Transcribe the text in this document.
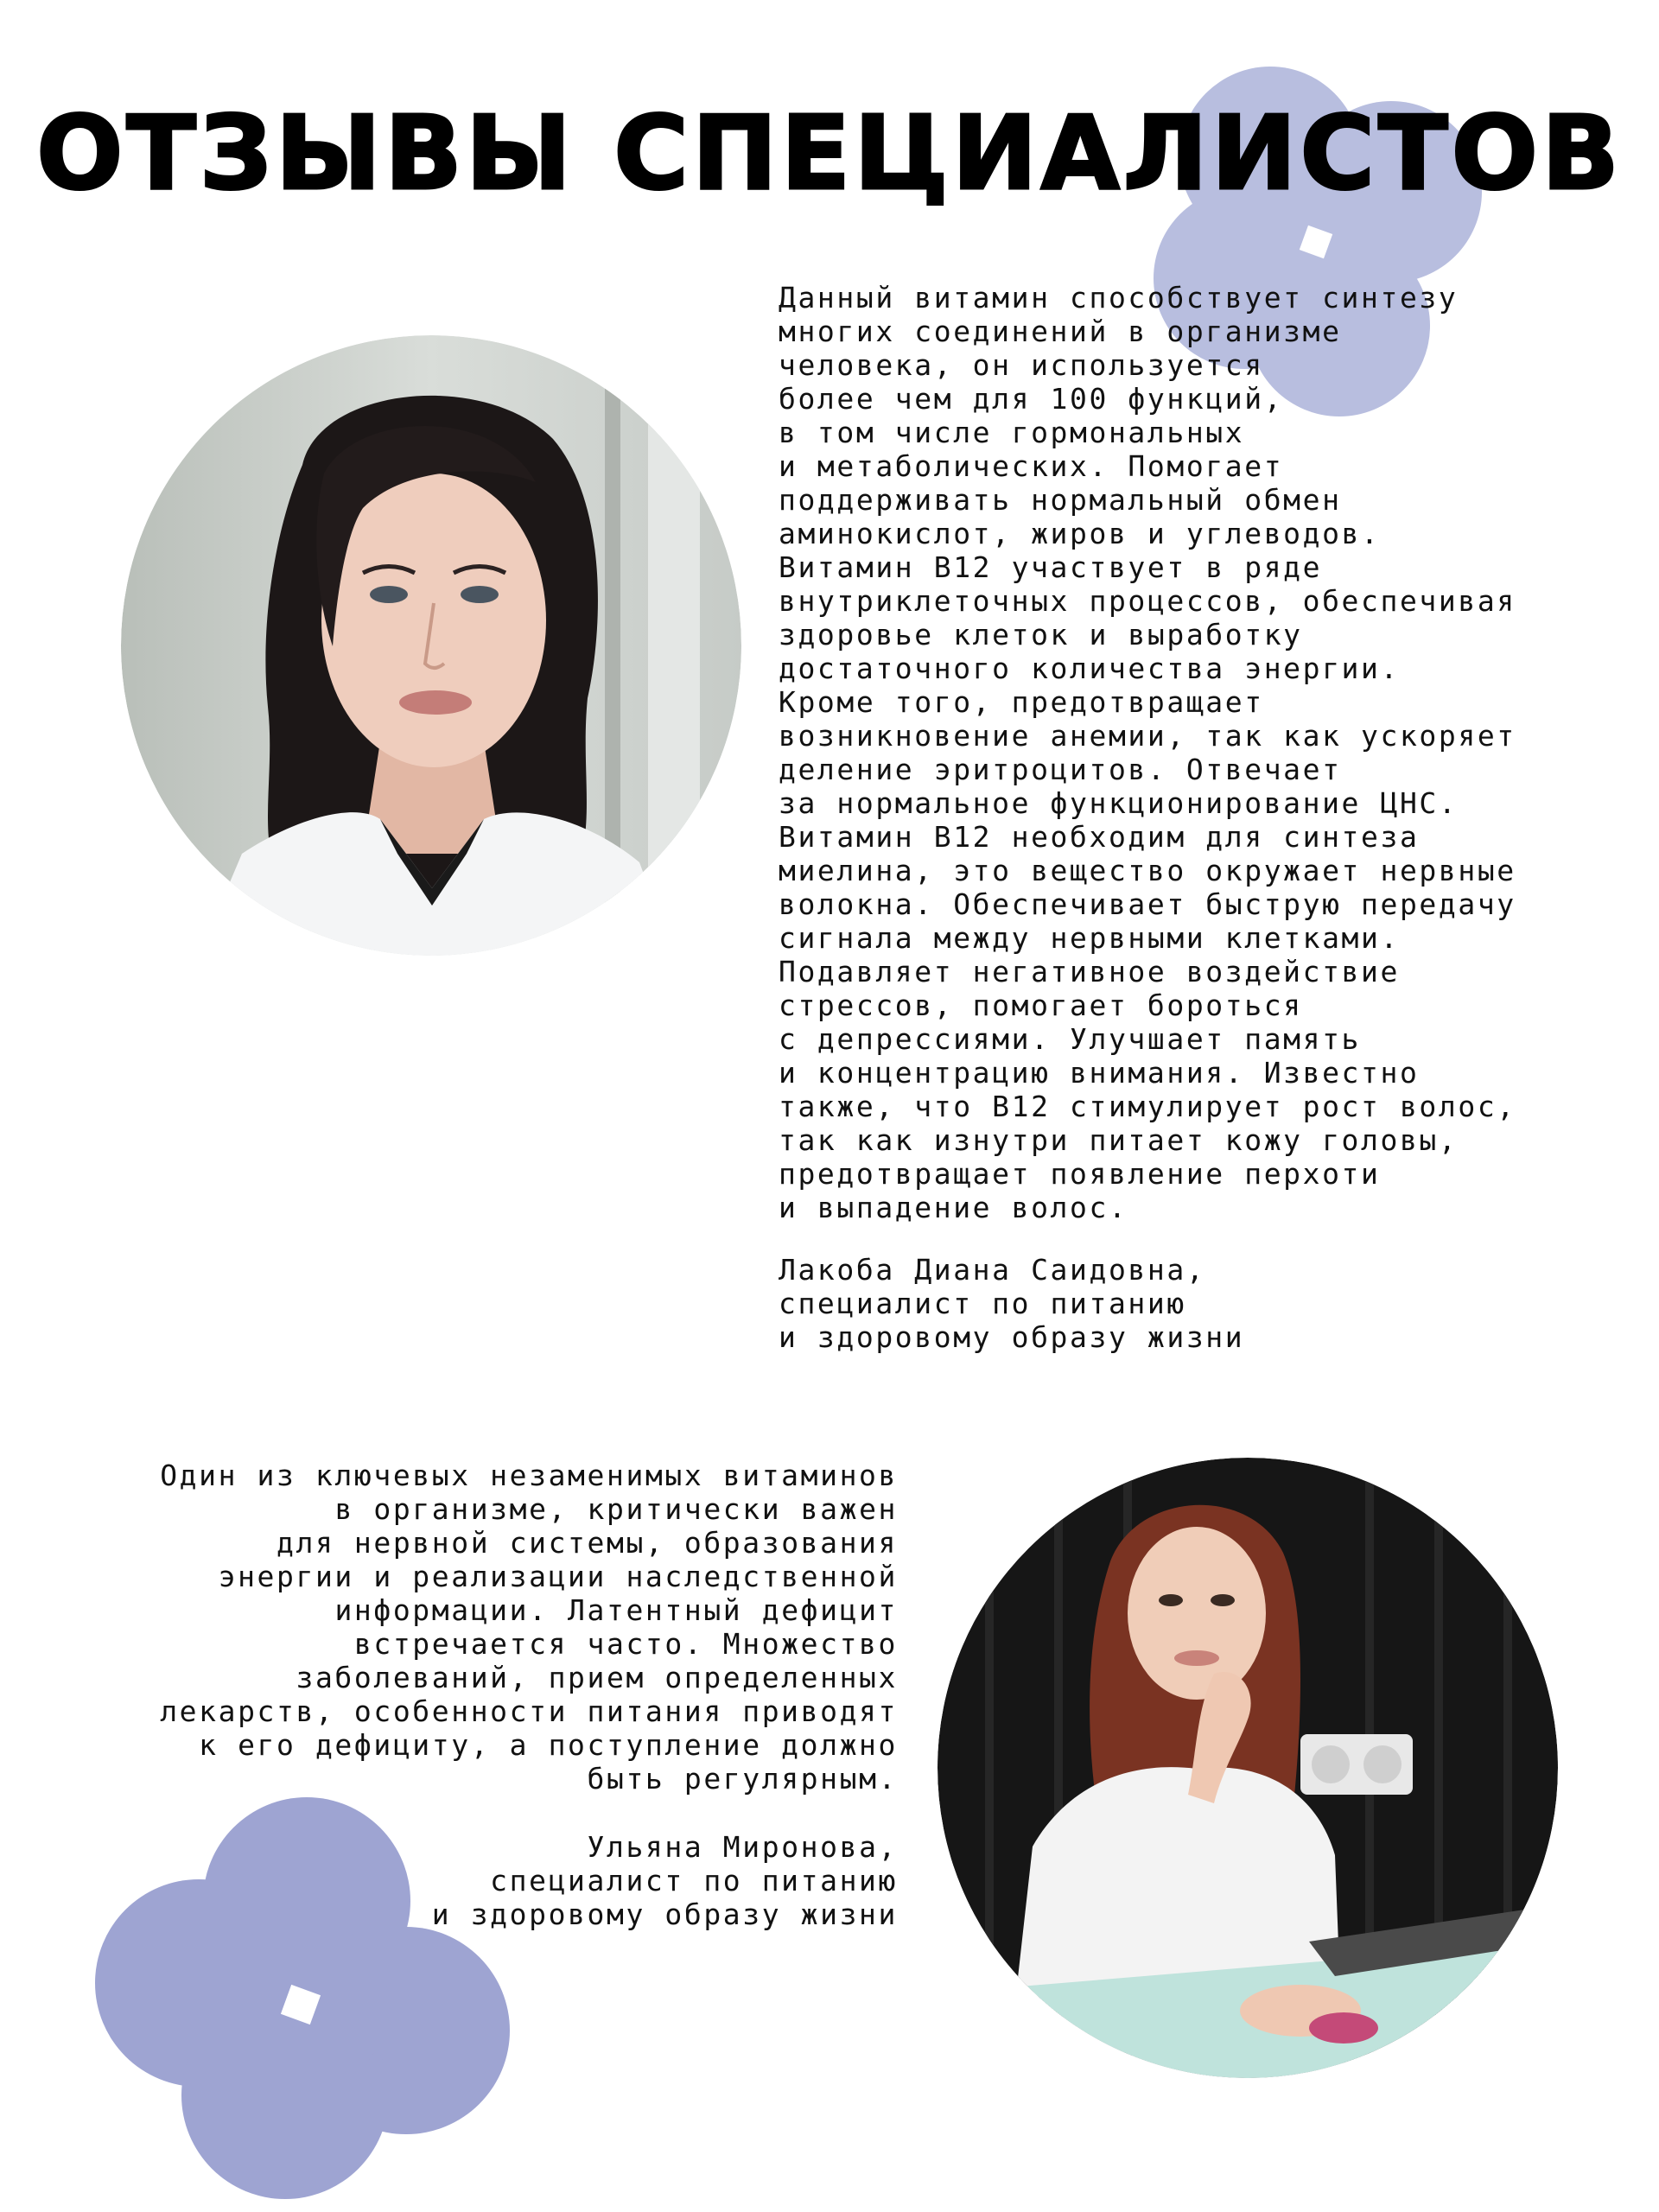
ОТЗЫВЫ СПЕЦИАЛИСТОВ

Данный витамин способствует синтезу
многих соединений в организме
человека, он используется
более чем для 100 функций,
в том числе гормональных
и метаболических. Помогает
поддерживать нормальный обмен
аминокислот, жиров и углеводов.
Витамин B12 участвует в ряде
внутриклеточных процессов, обеспечивая
здоровье клеток и выработку
достаточного количества энергии.
Кроме того, предотвращает
возникновение анемии, так как ускоряет
деление эритроцитов. Отвечает
за нормальное функционирование ЦНС.
Витамин B12 необходим для синтеза
миелина, это вещество окружает нервные
волокна. Обеспечивает быструю передачу
сигнала между нервными клетками.
Подавляет негативное воздействие
стрессов, помогает бороться
с депрессиями. Улучшает память
и концентрацию внимания. Известно
также, что B12 стимулирует рост волос,
так как изнутри питает кожу головы,
предотвращает появление перхоти
и выпадение волос.

Лакоба Диана Саидовна,
специалист по питанию
и здоровому образу жизни

Один из ключевых незаменимых витаминов
в организме, критически важен
для нервной системы, образования
энергии и реализации наследственной
информации. Латентный дефицит
встречается часто. Множество
заболеваний, прием определенных
лекарств, особенности питания приводят
к его дефициту, а поступление должно
быть регулярным.

Ульяна Миронова,
специалист по питанию
и здоровому образу жизни
